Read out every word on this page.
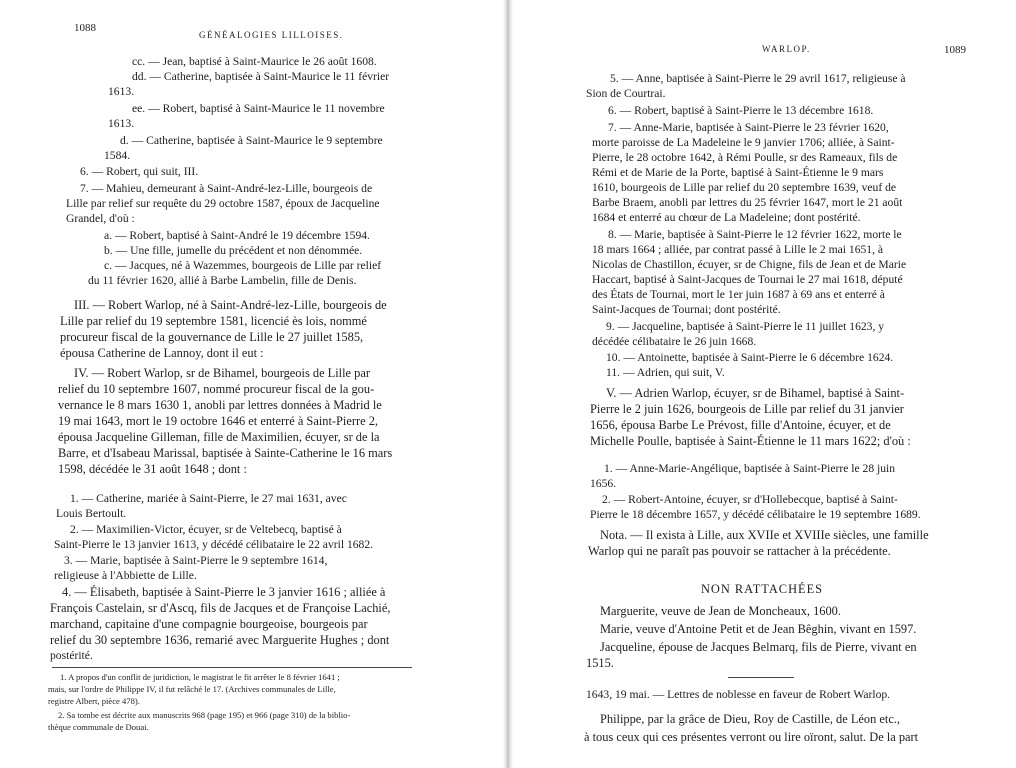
1088
GÉNÉALOGIES LILLOISES.
cc. — Jean, baptisé à Saint-Maurice le 26 août 1608.
dd. — Catherine, baptisée à Saint-Maurice le 11 février
1613.
ee. — Robert, baptisé à Saint-Maurice le 11 novembre
1613.
d. — Catherine, baptisée à Saint-Maurice le 9 septembre
1584.
6. — Robert, qui suit, III.
7. — Mahieu, demeurant à Saint-André-lez-Lille, bourgeois de
Lille par relief sur requête du 29 octobre 1587, époux de Jacqueline
Grandel, d'où :
a. — Robert, baptisé à Saint-André le 19 décembre 1594.
b. — Une fille, jumelle du précédent et non dénommée.
c. — Jacques, né à Wazemmes, bourgeois de Lille par relief
du 11 février 1620, allié à Barbe Lambelin, fille de Denis.
III. — Robert Warlop, né à Saint-André-lez-Lille, bourgeois de
Lille par relief du 19 septembre 1581, licencié ès lois, nommé
procureur fiscal de la gouvernance de Lille le 27 juillet 1585,
épousa Catherine de Lannoy, dont il eut :
IV. — Robert Warlop, sr de Bihamel, bourgeois de Lille par
relief du 10 septembre 1607, nommé procureur fiscal de la gou-
vernance le 8 mars 1630 1, anobli par lettres données à Madrid le
19 mai 1643, mort le 19 octobre 1646 et enterré à Saint-Pierre 2,
épousa Jacqueline Gilleman, fille de Maximilien, écuyer, sr de la
Barre, et d'Isabeau Marissal, baptisée à Sainte-Catherine le 16 mars
1598, décédée le 31 août 1648 ; dont :
1. — Catherine, mariée à Saint-Pierre, le 27 mai 1631, avec
Louis Bertoult.
2. — Maximilien-Victor, écuyer, sr de Veltebecq, baptisé à
Saint-Pierre le 13 janvier 1613, y décédé célibataire le 22 avril 1682.
3. — Marie, baptisée à Saint-Pierre le 9 septembre 1614,
religieuse à l'Abbiette de Lille.
4. — Élisabeth, baptisée à Saint-Pierre le 3 janvier 1616 ; alliée à
François Castelain, sr d'Ascq, fils de Jacques et de Françoise Lachié,
marchand, capitaine d'une compagnie bourgeoise, bourgeois par
relief du 30 septembre 1636, remarié avec Marguerite Hughes ; dont
postérité.
1. A propos d'un conflit de juridiction, le magistrat le fit arrêter le 8 février 1641 ;
mais, sur l'ordre de Philippe IV, il fut relâché le 17. (Archives communales de Lille,
registre Albert, pièce 478).
2. Sa tombe est décrite aux manuscrits 968 (page 195) et 966 (page 310) de la biblio-
thèque communale de Douai.
WARLOP.	1089
5. — Anne, baptisée à Saint-Pierre le 29 avril 1617, religieuse à
Sion de Courtrai.
6. — Robert, baptisé à Saint-Pierre le 13 décembre 1618.
7. — Anne-Marie, baptisée à Saint-Pierre le 23 février 1620,
morte paroisse de La Madeleine le 9 janvier 1706; alliée, à Saint-
Pierre, le 28 octobre 1642, à Rémi Poulle, sr des Rameaux, fils de
Rémi et de Marie de la Porte, baptisé à Saint-Étienne le 9 mars
1610, bourgeois de Lille par relief du 20 septembre 1639, veuf de
Barbe Braem, anobli par lettres du 25 février 1647, mort le 21 août
1684 et enterré au chœur de La Madeleine; dont postérité.
8. — Marie, baptisée à Saint-Pierre le 12 février 1622, morte le
18 mars 1664 ; alliée, par contrat passé à Lille le 2 mai 1651, à
Nicolas de Chastillon, écuyer, sr de Chigne, fils de Jean et de Marie
Haccart, baptisé à Saint-Jacques de Tournai le 27 mai 1618, député
des États de Tournai, mort le 1er juin 1687 à 69 ans et enterré à
Saint-Jacques de Tournai; dont postérité.
9. — Jacqueline, baptisée à Saint-Pierre le 11 juillet 1623, y
décédée célibataire le 26 juin 1668.
10. — Antoinette, baptisée à Saint-Pierre le 6 décembre 1624.
11. — Adrien, qui suit, V.
V. — Adrien Warlop, écuyer, sr de Bihamel, baptisé à Saint-
Pierre le 2 juin 1626, bourgeois de Lille par relief du 31 janvier
1656, épousa Barbe Le Prévost, fille d'Antoine, écuyer, et de
Michelle Poulle, baptisée à Saint-Étienne le 11 mars 1622; d'où :
1. — Anne-Marie-Angélique, baptisée à Saint-Pierre le 28 juin
1656.
2. — Robert-Antoine, écuyer, sr d'Hollebecque, baptisé à Saint-
Pierre le 18 décembre 1657, y décédé célibataire le 19 septembre 1689.
Nota. — Il exista à Lille, aux XVIIe et XVIIIe siècles, une famille
Warlop qui ne paraît pas pouvoir se rattacher à la précédente.
NON RATTACHÉES
Marguerite, veuve de Jean de Moncheaux, 1600.
Marie, veuve d'Antoine Petit et de Jean Bêghin, vivant en 1597.
Jacqueline, épouse de Jacques Belmarq, fils de Pierre, vivant en
1515.
1643, 19 mai. — Lettres de noblesse en faveur de Robert Warlop.
Philippe, par la grâce de Dieu, Roy de Castille, de Léon etc.,
à tous ceux qui ces présentes verront ou lire oïront, salut. De la part
